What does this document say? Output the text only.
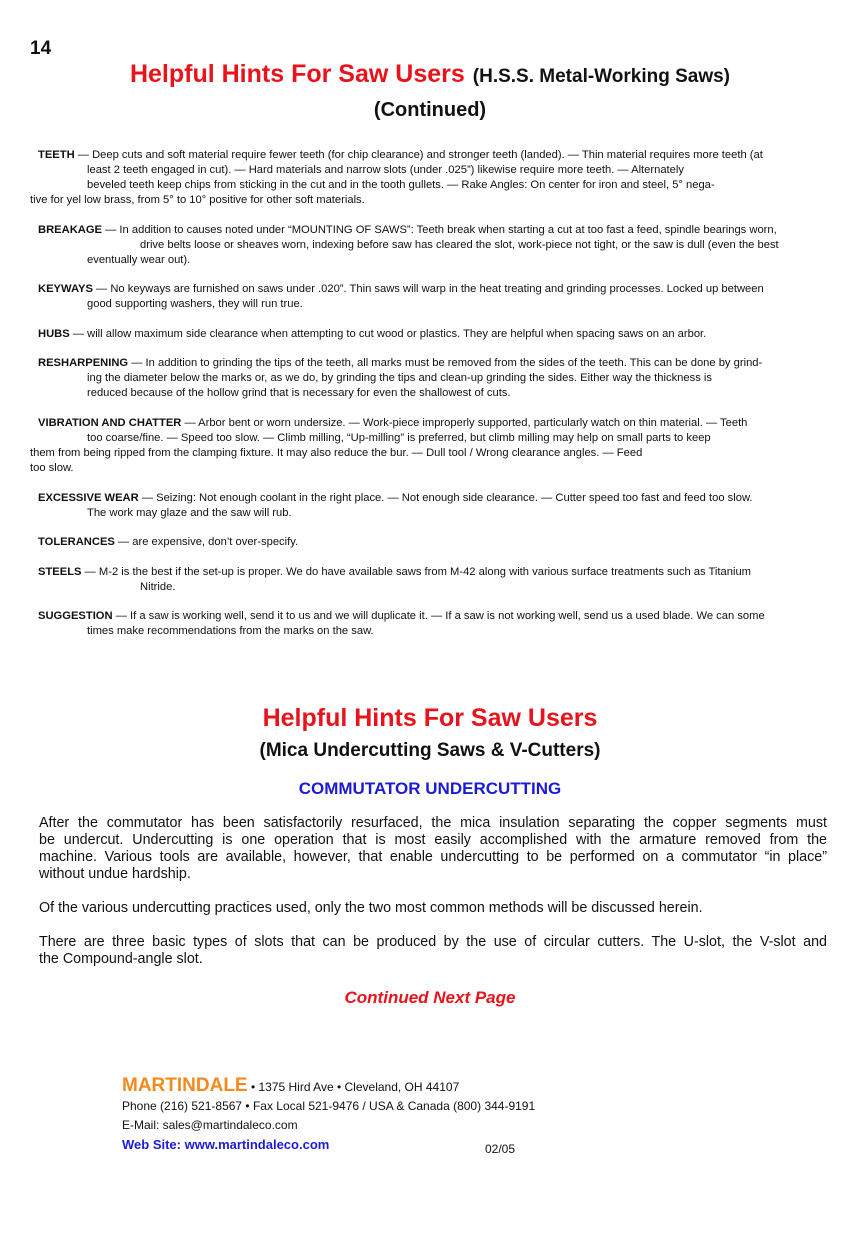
14
Helpful Hints For Saw Users (H.S.S. Metal-Working Saws)
(Continued)
TEETH — Deep cuts and soft material require fewer teeth (for chip clearance) and stronger teeth (landed). — Thin material requires more teeth (at
least 2 teeth engaged in cut). — Hard materials and narrow slots (under .025”) likewise require more teeth. — Alternately
beveled teeth keep chips from sticking in the cut and in the tooth gullets. — Rake Angles: On center for iron and steel, 5° nega-
tive for yel low brass, from 5° to 10° positive for other soft materials.
BREAKAGE — In addition to causes noted under “MOUNTING OF SAWS”: Teeth break when starting a cut at too fast a feed, spindle bearings worn,
drive belts loose or sheaves worn, indexing before saw has cleared the slot, work-piece not tight, or the saw is dull (even the best
eventually wear out).
KEYWAYS — No keyways are furnished on saws under .020”. Thin saws will warp in the heat treating and grinding processes. Locked up between
good supporting washers, they will run true.
HUBS — will allow maximum side clearance when attempting to cut wood or plastics. They are helpful when spacing saws on an arbor.
RESHARPENING — In addition to grinding the tips of the teeth, all marks must be removed from the sides of the teeth. This can be done by grind-
ing the diameter below the marks or, as we do, by grinding the tips and clean-up grinding the sides. Either way the thickness is
reduced because of the hollow grind that is necessary for even the shallowest of cuts.
VIBRATION AND CHATTER — Arbor bent or worn undersize. — Work-piece improperly supported, particularly watch on thin material. — Teeth
too coarse/fine. — Speed too slow. — Climb milling, “Up-milling” is preferred, but climb milling may help on small parts to keep
them from being ripped from the clamping fixture. It may also reduce the bur. — Dull tool / Wrong clearance angles. — Feed
too slow.
EXCESSIVE WEAR — Seizing: Not enough coolant in the right place. — Not enough side clearance. — Cutter speed too fast and feed too slow.
The work may glaze and the saw will rub.
TOLERANCES — are expensive, don’t over-specify.
STEELS — M-2 is the best if the set-up is proper. We do have available saws from M-42 along with various surface treatments such as Titanium
Nitride.
SUGGESTION — If a saw is working well, send it to us and we will duplicate it. — If a saw is not working well, send us a used blade. We can some
times make recommendations from the marks on the saw.
Helpful Hints For Saw Users
(Mica Undercutting Saws & V-Cutters)
COMMUTATOR UNDERCUTTING

After the commutator has been satisfactorily resurfaced, the mica insulation separating the copper segments must
be undercut. Undercutting is one operation that is most easily accomplished with the armature removed from the
machine. Various tools are available, however, that enable undercutting to be performed on a commutator “in place”
without undue hardship.

Of the various undercutting practices used, only the two most common methods will be discussed herein.

There are three basic types of slots that can be produced by the use of circular cutters. The U-slot, the V-slot and
the Compound-angle slot.

Continued Next Page
MARTINDALE • 1375 Hird Ave • Cleveland, OH 44107
Phone (216) 521-8567 • Fax Local 521-9476 / USA & Canada (800) 344-9191
E-Mail: sales@martindaleco.com
Web Site: www.martindaleco.com	02/05
